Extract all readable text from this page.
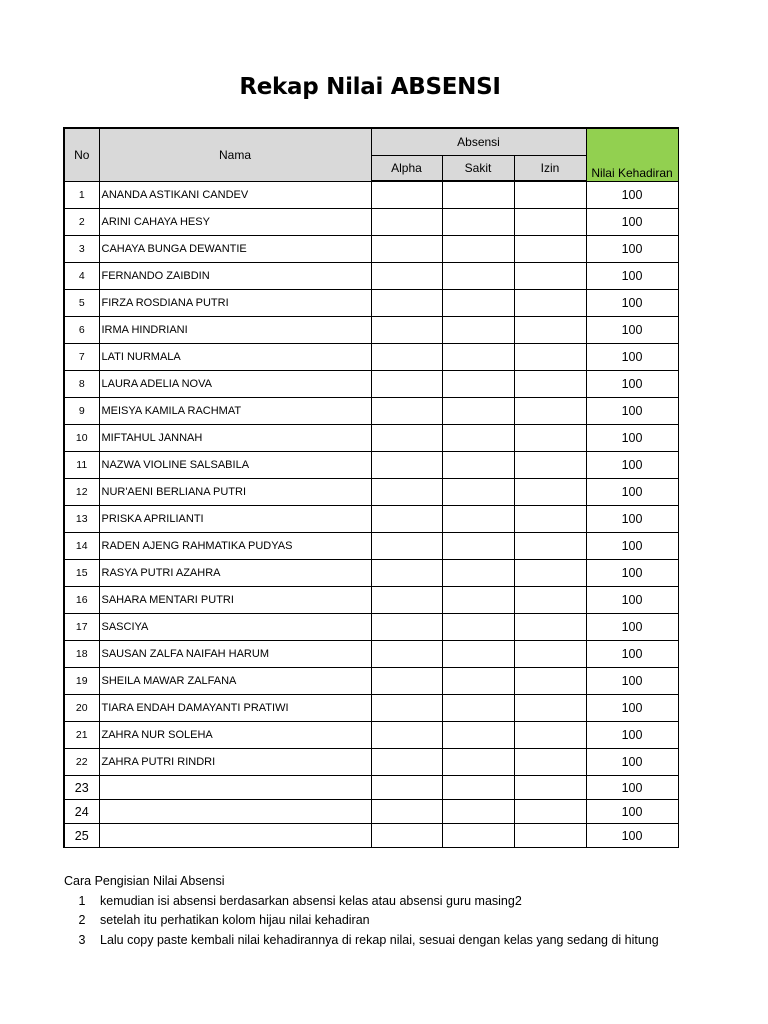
Rekap Nilai ABSENSI
No	Nama	Absensi			Nilai Kehadiran
		Alpha	Sakit	Izin	
1	ANANDA ASTIKANI CANDEV				100
2	ARINI CAHAYA HESY				100
3	CAHAYA BUNGA DEWANTIE				100
4	FERNANDO ZAIBDIN				100
5	FIRZA ROSDIANA PUTRI				100
6	IRMA HINDRIANI				100
7	LATI NURMALA				100
8	LAURA ADELIA NOVA				100
9	MEISYA KAMILA RACHMAT				100
10	MIFTAHUL JANNAH				100
11	NAZWA VIOLINE SALSABILA				100
12	NUR'AENI BERLIANA PUTRI				100
13	PRISKA APRILIANTI				100
14	RADEN AJENG RAHMATIKA PUDYAS				100
15	RASYA PUTRI AZAHRA				100
16	SAHARA MENTARI PUTRI				100
17	SASCIYA				100
18	SAUSAN ZALFA NAIFAH HARUM				100
19	SHEILA MAWAR ZALFANA				100
20	TIARA ENDAH DAMAYANTI PRATIWI				100
21	ZAHRA NUR SOLEHA				100
22	ZAHRA PUTRI RINDRI				100
23					100
24					100
25					100
Cara Pengisian Nilai Absensi
1	kemudian isi absensi berdasarkan absensi kelas atau absensi guru masing2
2	setelah itu perhatikan kolom hijau nilai kehadiran
3	Lalu copy paste kembali nilai kehadirannya di rekap nilai, sesuai dengan kelas yang sedang di hitung
